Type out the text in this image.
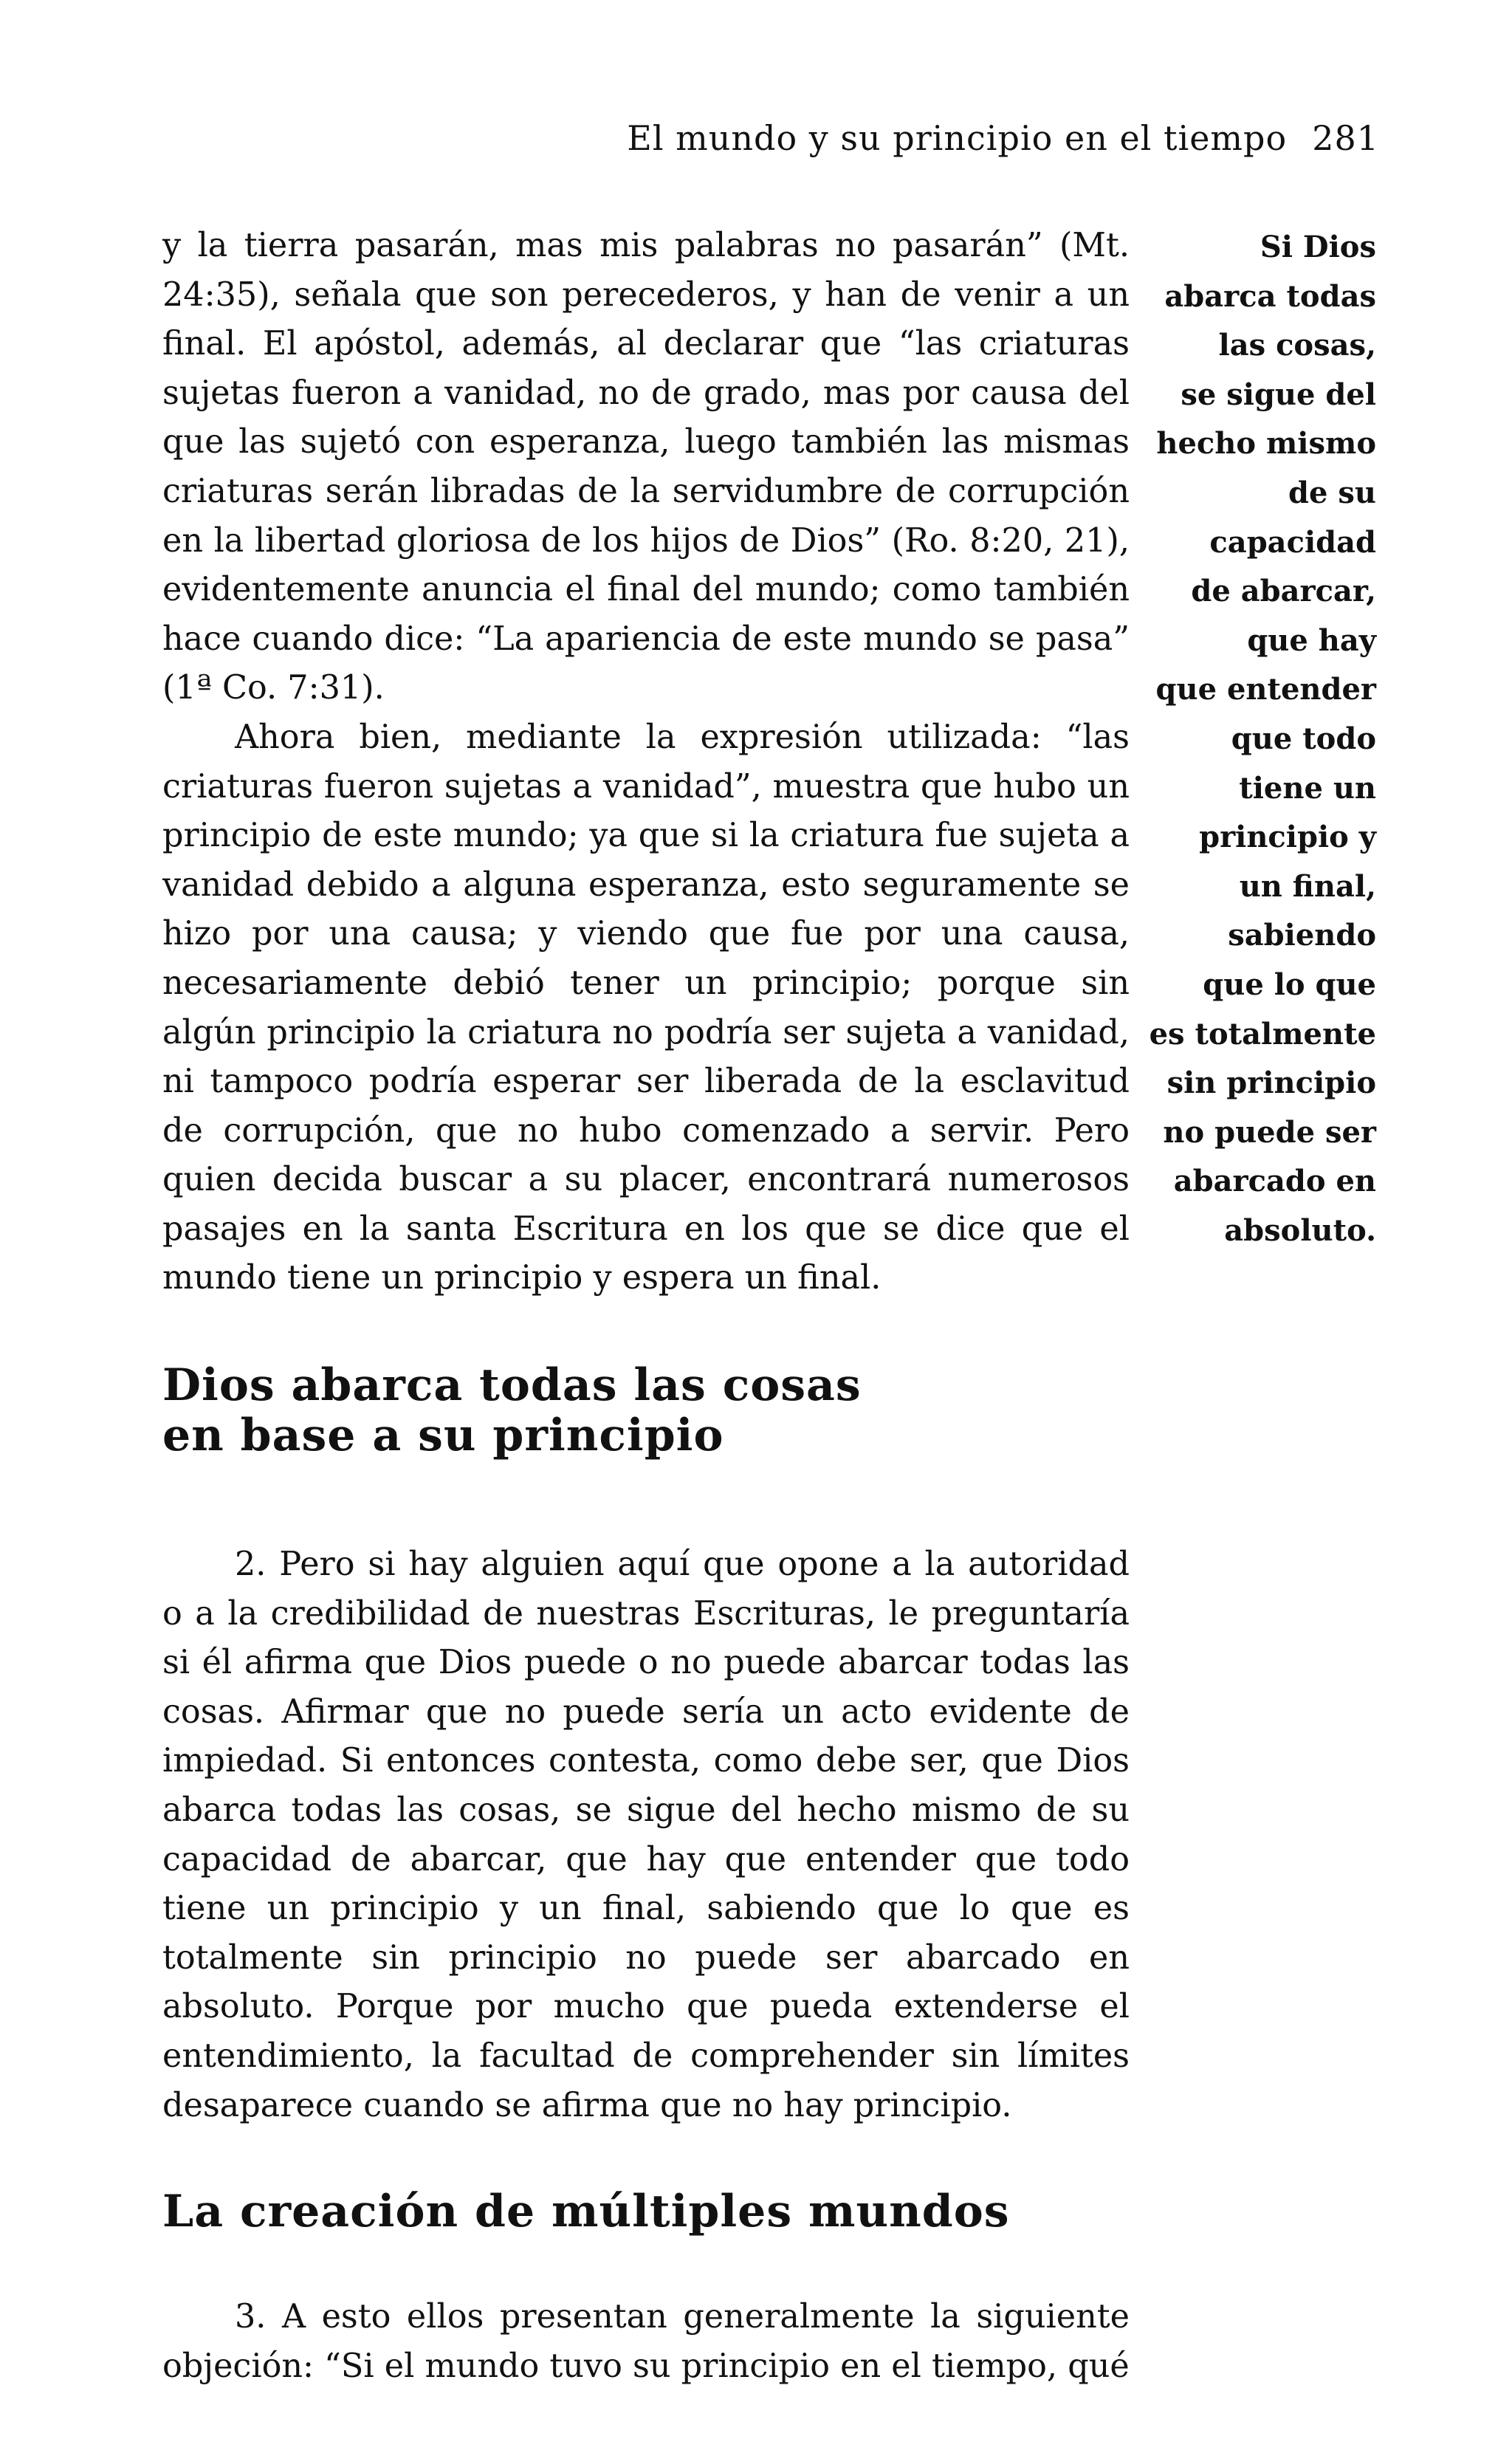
El mundo y su principio en el tiempo 281

y la tierra pasarán, mas mis palabras no pasarán” (Mt. 24:35), señala que son perecederos, y han de venir a un final. El apóstol, además, al declarar que “las criaturas sujetas fueron a vanidad, no de grado, mas por causa del que las sujetó con esperanza, luego también las mismas criaturas serán libradas de la servidumbre de corrupción en la libertad gloriosa de los hijos de Dios” (Ro. 8:20, 21), evidentemente anuncia el final del mundo; como también hace cuando dice: “La apariencia de este mundo se pasa” (1ª Co. 7:31).

Ahora bien, mediante la expresión utilizada: “las criaturas fueron sujetas a vanidad”, muestra que hubo un principio de este mundo; ya que si la criatura fue sujeta a vanidad debido a alguna esperanza, esto seguramente se hizo por una causa; y viendo que fue por una causa, necesariamente debió tener un principio; porque sin algún principio la criatura no podría ser sujeta a vanidad, ni tampoco podría esperar ser liberada de la esclavitud de corrupción, que no hubo comenzado a servir. Pero quien decida buscar a su placer, encontrará numerosos pasajes en la santa Escritura en los que se dice que el mundo tiene un principio y espera un final.

Dios abarca todas las cosas
en base a su principio

2. Pero si hay alguien aquí que opone a la autoridad o a la credibilidad de nuestras Escrituras, le preguntaría si él afirma que Dios puede o no puede abarcar todas las cosas. Afirmar que no puede sería un acto evidente de impiedad. Si entonces contesta, como debe ser, que Dios abarca todas las cosas, se sigue del hecho mismo de su capacidad de abarcar, que hay que entender que todo tiene un principio y un final, sabiendo que lo que es totalmente sin principio no puede ser abarcado en absoluto. Porque por mucho que pueda extenderse el entendimiento, la facultad de comprehender sin límites desaparece cuando se afirma que no hay principio.

La creación de múltiples mundos

3. A esto ellos presentan generalmente la siguiente objeción: “Si el mundo tuvo su principio en el tiempo, qué

Si Dios
abarca todas
las cosas,
se sigue del
hecho mismo
de su
capacidad
de abarcar,
que hay
que entender
que todo
tiene un
principio y
un final,
sabiendo
que lo que
es totalmente
sin principio
no puede ser
abarcado en
absoluto.
